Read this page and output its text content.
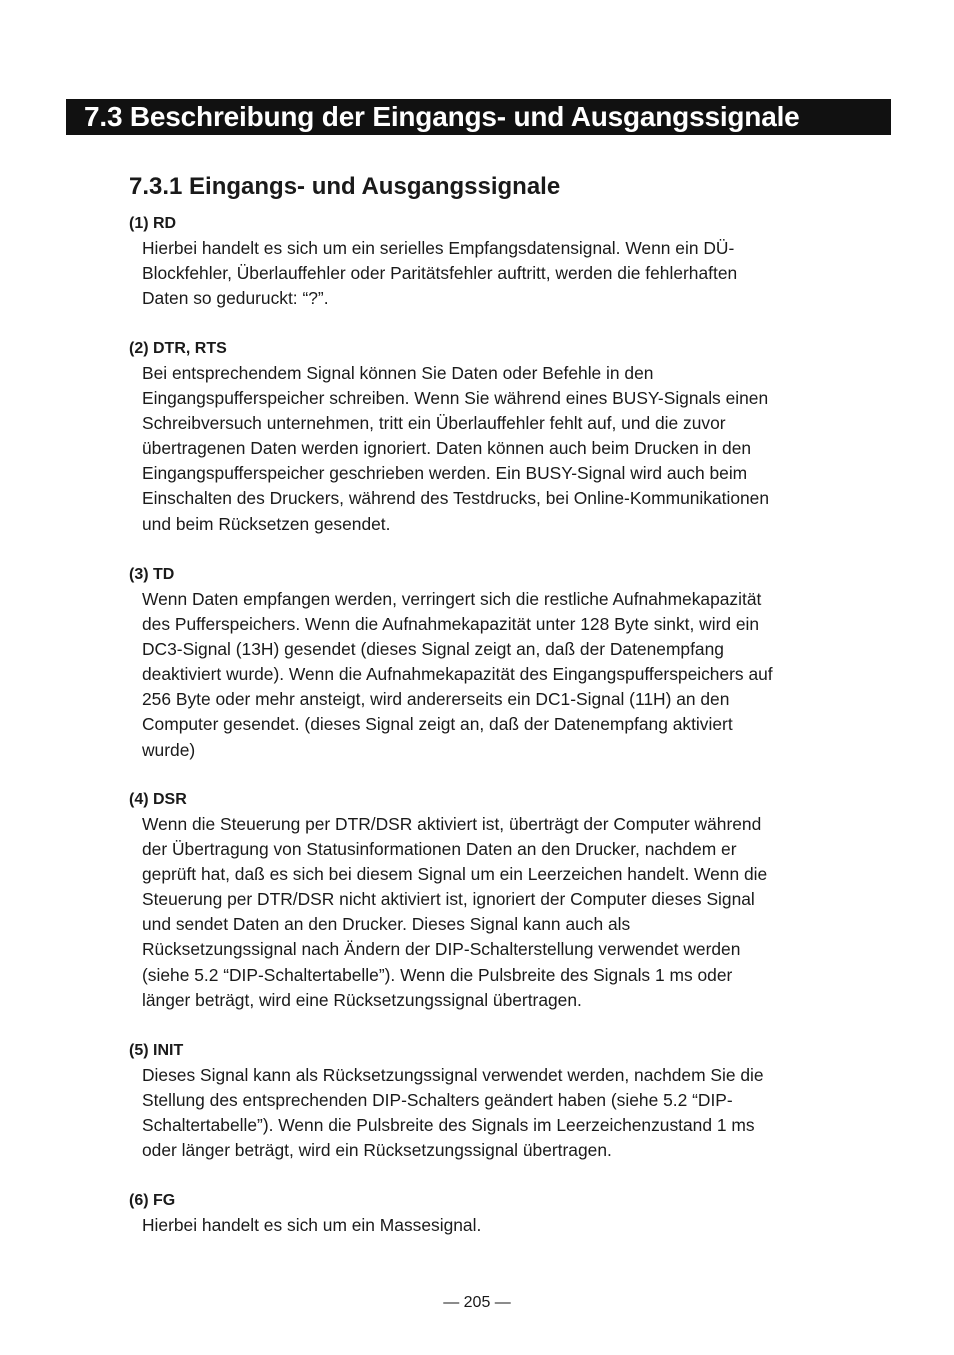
7.3 Beschreibung der Eingangs- und Ausgangssignale
7.3.1 Eingangs- und Ausgangssignale
(1) RD
Hierbei handelt es sich um ein serielles Empfangsdatensignal. Wenn ein DÜ-
Blockfehler, Überlauffehler oder Paritätsfehler auftritt, werden die fehlerhaften
Daten so geduruckt: “?”.
(2) DTR, RTS
Bei entsprechendem Signal können Sie Daten oder Befehle in den
Eingangspufferspeicher schreiben. Wenn Sie während eines BUSY-Signals einen
Schreibversuch unternehmen, tritt ein Überlauffehler fehlt auf, und die zuvor
übertragenen Daten werden ignoriert. Daten können auch beim Drucken in den
Eingangspufferspeicher geschrieben werden. Ein BUSY-Signal wird auch beim
Einschalten des Druckers, während des Testdrucks, bei Online-Kommunikationen
und beim Rücksetzen gesendet.
(3) TD
Wenn Daten empfangen werden, verringert sich die restliche Aufnahmekapazität
des Pufferspeichers. Wenn die Aufnahmekapazität unter 128 Byte sinkt, wird ein
DC3-Signal (13H) gesendet (dieses Signal zeigt an, daß der Datenempfang
deaktiviert wurde). Wenn die Aufnahmekapazität des Eingangspufferspeichers auf
256 Byte oder mehr ansteigt, wird andererseits ein DC1-Signal (11H) an den
Computer gesendet. (dieses Signal zeigt an, daß der Datenempfang aktiviert
wurde)
(4) DSR
Wenn die Steuerung per DTR/DSR aktiviert ist, überträgt der Computer während
der Übertragung von Statusinformationen Daten an den Drucker, nachdem er
geprüft hat, daß es sich bei diesem Signal um ein Leerzeichen handelt. Wenn die
Steuerung per DTR/DSR nicht aktiviert ist, ignoriert der Computer dieses Signal
und sendet Daten an den Drucker. Dieses Signal kann auch als
Rücksetzungssignal nach Ändern der DIP-Schalterstellung verwendet werden
(siehe 5.2 “DIP-Schaltertabelle”). Wenn die Pulsbreite des Signals 1 ms oder
länger beträgt, wird eine Rücksetzungssignal übertragen.
(5) INIT
Dieses Signal kann als Rücksetzungssignal verwendet werden, nachdem Sie die
Stellung des entsprechenden DIP-Schalters geändert haben (siehe 5.2 “DIP-
Schaltertabelle”). Wenn die Pulsbreite des Signals im Leerzeichenzustand 1 ms
oder länger beträgt, wird ein Rücksetzungssignal übertragen.
(6) FG
Hierbei handelt es sich um ein Massesignal.
— 205 —
